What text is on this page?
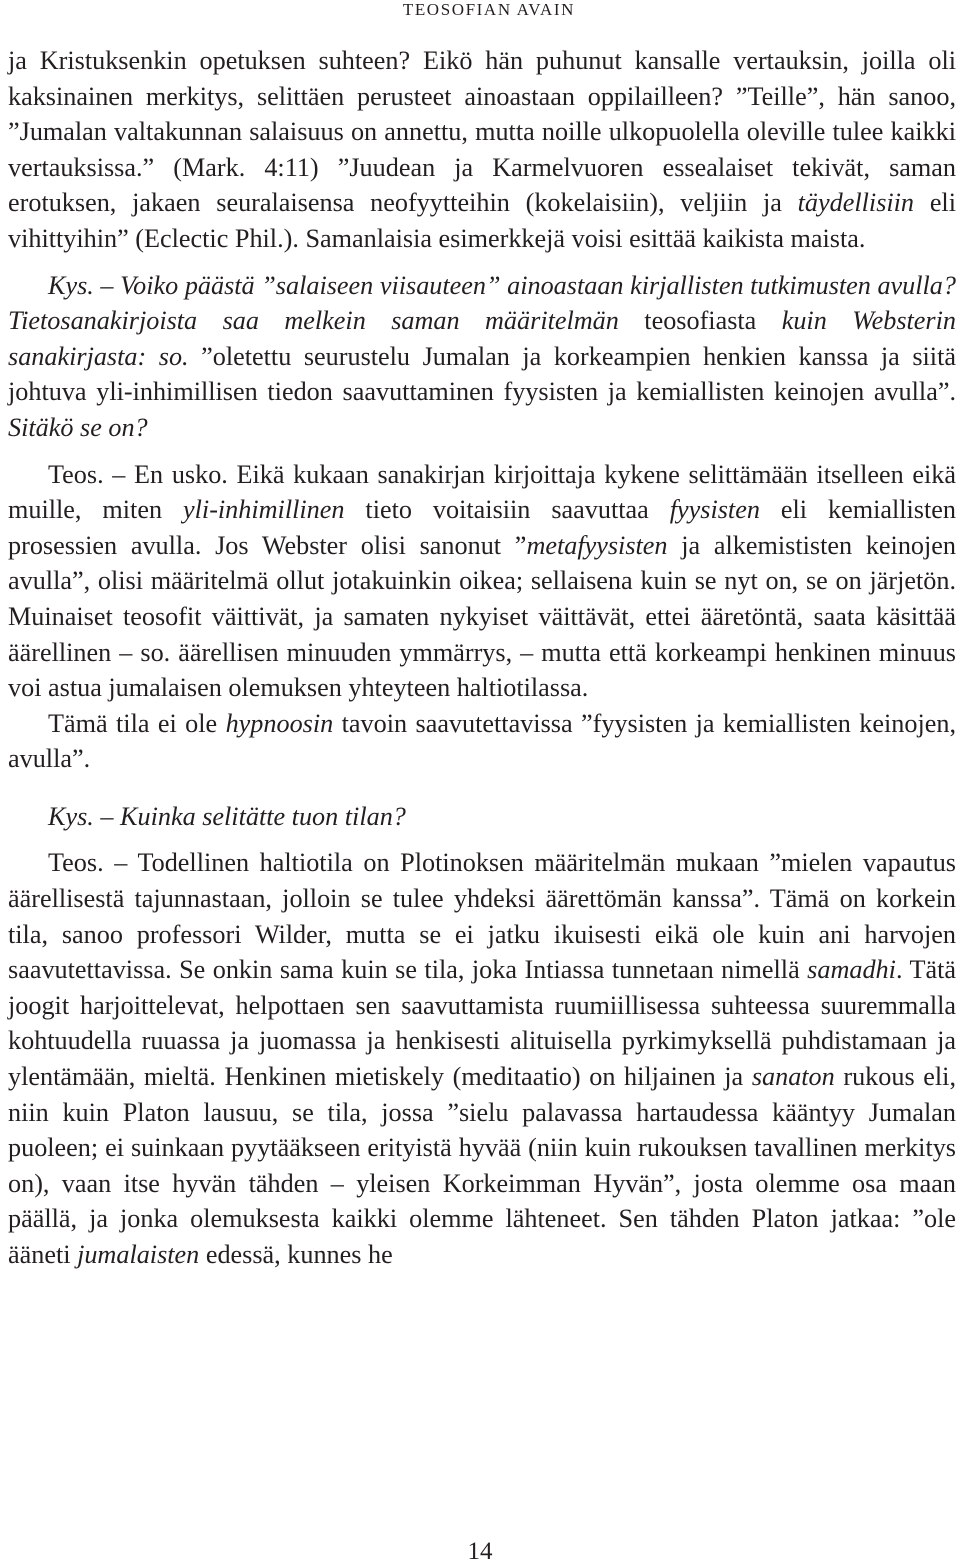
TEOSOFIAN AVAIN

ja Kristuksenkin opetuksen suhteen? Eikö hän puhunut kansalle vertauksin, joilla oli kaksinainen merkitys, selittäen perusteet ainoastaan oppilailleen? ”Teille”, hän sanoo, ”Jumalan valtakunnan salaisuus on annettu, mutta noille ulkopuolella oleville tulee kaikki vertauksissa.” (Mark. 4:11) ”Juudean ja Karmelvuoren essealaiset tekivät, saman erotuksen, jakaen seuralaisensa neofyytteihin (kokelaisiin), veljiin ja täydellisiin eli vihittyihin” (Eclectic Phil.). Samanlaisia esimerkkejä voisi esittää kaikista maista.

Kys. – Voiko päästä ”salaiseen viisauteen” ainoastaan kirjallisten tutkimusten avulla? Tietosanakirjoista saa melkein saman määritelmän teosofiasta kuin Websterin sanakirjasta: so. ”oletettu seurustelu Jumalan ja korkeampien henkien kanssa ja siitä johtuva yli-inhimillisen tiedon saavuttaminen fyysisten ja kemiallisten keinojen avulla”. Sitäkö se on?

Teos. – En usko. Eikä kukaan sanakirjan kirjoittaja kykene selittämään itselleen eikä muille, miten yli-inhimillinen tieto voitaisiin saavuttaa fyysisten eli kemiallisten prosessien avulla. Jos Webster olisi sanonut ”metafyysisten ja alkemististen keinojen avulla”, olisi määritelmä ollut jotakuinkin oikea; sellaisena kuin se nyt on, se on järjetön. Muinaiset teosofit väittivät, ja samaten nykyiset väittävät, ettei ääretöntä, saata käsittää äärellinen – so. äärellisen minuuden ymmärrys, – mutta että korkeampi henkinen minuus voi astua jumalaisen olemuksen yhteyteen haltiotilassa.

Tämä tila ei ole hypnoosin tavoin saavutettavissa ”fyysisten ja kemiallisten keinojen, avulla”.

Kys. – Kuinka selitätte tuon tilan?

Teos. – Todellinen haltiotila on Plotinoksen määritelmän mukaan ”mielen vapautus äärellisestä tajunnastaan, jolloin se tulee yhdeksi äärettömän kanssa”. Tämä on korkein tila, sanoo professori Wilder, mutta se ei jatku ikuisesti eikä ole kuin ani harvojen saavutettavissa. Se onkin sama kuin se tila, joka Intiassa tunnetaan nimellä samadhi. Tätä joogit harjoittelevat, helpottaen sen saavuttamista ruumiillisessa suhteessa suuremmalla kohtuudella ruuassa ja juomassa ja henkisesti alituisella pyrkimyksellä puhdistamaan ja ylentämään, mieltä. Henkinen mietiskely (meditaatio) on hiljainen ja sanaton rukous eli, niin kuin Platon lausuu, se tila, jossa ”sielu palavassa hartaudessa kääntyy Jumalan puoleen; ei suinkaan pyytääkseen erityistä hyvää (niin kuin rukouksen tavallinen merkitys on), vaan itse hyvän tähden – yleisen Korkeimman Hyvän”, josta olemme osa maan päällä, ja jonka olemuksesta kaikki olemme lähteneet. Sen tähden Platon jatkaa: ”ole ääneti jumalaisten edessä, kunnes he

14
